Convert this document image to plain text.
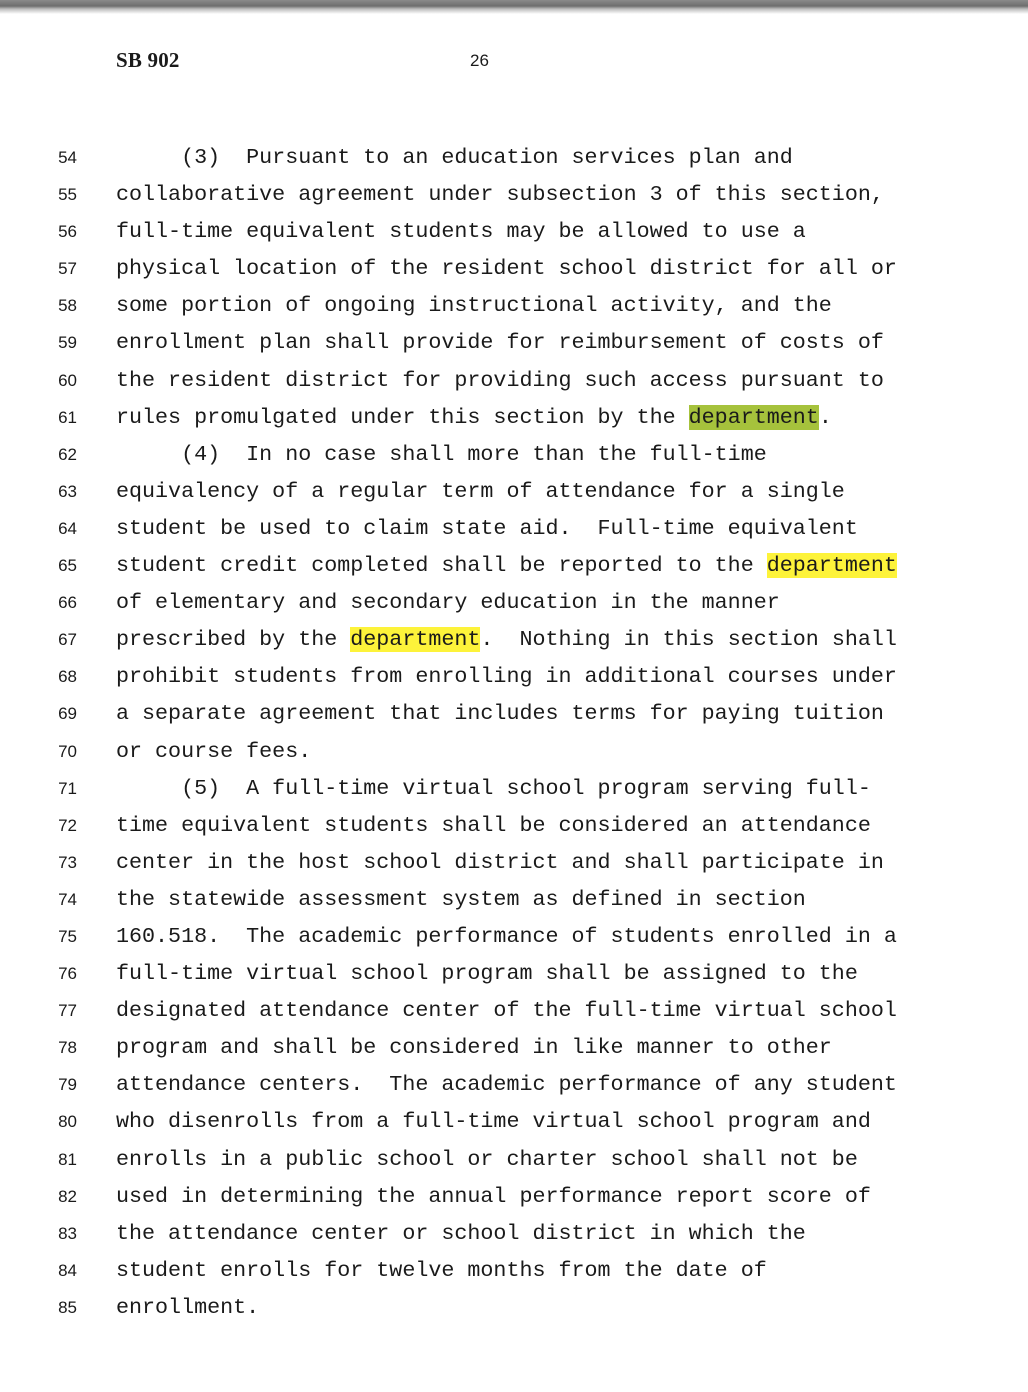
SB 902	26
54 (3)  Pursuant to an education services plan and
55 collaborative agreement under subsection 3 of this section,
56 full-time equivalent students may be allowed to use a
57 physical location of the resident school district for all or
58 some portion of ongoing instructional activity, and the
59 enrollment plan shall provide for reimbursement of costs of
60 the resident district for providing such access pursuant to
61 rules promulgated under this section by the department.
62 (4)  In no case shall more than the full-time
63 equivalency of a regular term of attendance for a single
64 student be used to claim state aid.  Full-time equivalent
65 student credit completed shall be reported to the department
66 of elementary and secondary education in the manner
67 prescribed by the department.  Nothing in this section shall
68 prohibit students from enrolling in additional courses under
69 a separate agreement that includes terms for paying tuition
70 or course fees.
71 (5)  A full-time virtual school program serving full-
72 time equivalent students shall be considered an attendance
73 center in the host school district and shall participate in
74 the statewide assessment system as defined in section
75 160.518.  The academic performance of students enrolled in a
76 full-time virtual school program shall be assigned to the
77 designated attendance center of the full-time virtual school
78 program and shall be considered in like manner to other
79 attendance centers.  The academic performance of any student
80 who disenrolls from a full-time virtual school program and
81 enrolls in a public school or charter school shall not be
82 used in determining the annual performance report score of
83 the attendance center or school district in which the
84 student enrolls for twelve months from the date of
85 enrollment.
